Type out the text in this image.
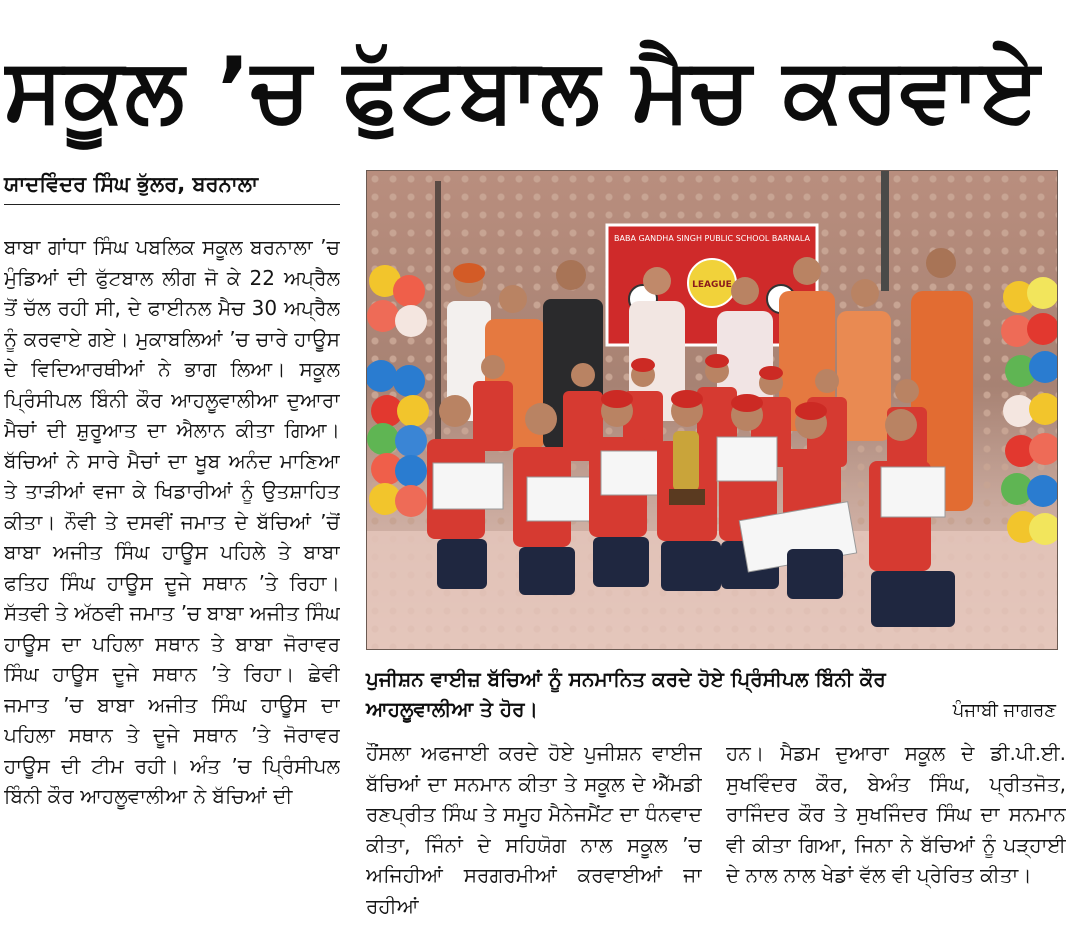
ਸਕੂਲ ’ਚ ਫੁੱਟਬਾਲ ਮੈਚ ਕਰਵਾਏ
ਯਾਦਵਿੰਦਰ ਸਿੰਘ ਭੁੱਲਰ, ਬਰਨਾਲਾ
ਬਾਬਾ ਗਾਂਧਾ ਸਿੰਘ ਪਬਲਿਕ ਸਕੂਲ ਬਰਨਾਲਾ ’ਚ ਮੁੰਡਿਆਂ ਦੀ ਫੁੱਟਬਾਲ ਲੀਗ ਜੋ ਕੇ 22 ਅਪ੍ਰੈਲ ਤੋਂ ਚੱਲ ਰਹੀ ਸੀ, ਦੇ ਫਾਈਨਲ ਮੈਚ 30 ਅਪ੍ਰੈਲ ਨੂੰ ਕਰਵਾਏ ਗਏ। ਮੁਕਾਬਲਿਆਂ ’ਚ ਚਾਰੇ ਹਾਊਸ ਦੇ ਵਿਦਿਆਰਥੀਆਂ ਨੇ ਭਾਗ ਲਿਆ। ਸਕੂਲ ਪ੍ਰਿੰਸੀਪਲ ਬਿੰਨੀ ਕੌਰ ਆਹਲੂਵਾਲੀਆ ਦੁਆਰਾ ਮੈਚਾਂ ਦੀ ਸ਼ੁਰੂਆਤ ਦਾ ਐਲਾਨ ਕੀਤਾ ਗਿਆ। ਬੱਚਿਆਂ ਨੇ ਸਾਰੇ ਮੈਚਾਂ ਦਾ ਖੂਬ ਅਨੰਦ ਮਾਣਿਆ ਤੇ ਤਾੜੀਆਂ ਵਜਾ ਕੇ ਖਿਡਾਰੀਆਂ ਨੂੰ ਉਤਸ਼ਾਹਿਤ ਕੀਤਾ। ਨੌਵੀ ਤੇ ਦਸਵੀਂ ਜਮਾਤ ਦੇ ਬੱਚਿਆਂ ’ਚੋਂ ਬਾਬਾ ਅਜੀਤ ਸਿੰਘ ਹਾਊਸ ਪਹਿਲੇ ਤੇ ਬਾਬਾ ਫਤਿਹ ਸਿੰਘ ਹਾਊਸ ਦੂਜੇ ਸਥਾਨ ’ਤੇ ਰਿਹਾ। ਸੱਤਵੀ ਤੇ ਅੱਠਵੀ ਜਮਾਤ ’ਚ ਬਾਬਾ ਅਜੀਤ ਸਿੰਘ ਹਾਊਸ ਦਾ ਪਹਿਲਾ ਸਥਾਨ ਤੇ ਬਾਬਾ ਜੋਰਾਵਰ ਸਿੰਘ ਹਾਊਸ ਦੂਜੇ ਸਥਾਨ ’ਤੇ ਰਿਹਾ। ਛੇਵੀ ਜਮਾਤ ’ਚ ਬਾਬਾ ਅਜੀਤ ਸਿੰਘ ਹਾਊਸ ਦਾ ਪਹਿਲਾ ਸਥਾਨ ਤੇ ਦੂਜੇ ਸਥਾਨ ’ਤੇ ਜੋਰਾਵਰ ਹਾਊਸ ਦੀ ਟੀਮ ਰਹੀ। ਅੰਤ ’ਚ ਪ੍ਰਿੰਸੀਪਲ ਬਿੰਨੀ ਕੌਰ ਆਹਲੂਵਾਲੀਆ ਨੇ ਬੱਚਿਆਂ ਦੀ
BABA GANDHA SINGH PUBLIC SCHOOL BARNALA
LEAGUE
ਪੁਜੀਸ਼ਨ ਵਾਈਜ਼ ਬੱਚਿਆਂ ਨੂੰ ਸਨਮਾਨਿਤ ਕਰਦੇ ਹੋਏ ਪ੍ਰਿੰਸੀਪਲ ਬਿੰਨੀ ਕੌਰ
ਆਹਲੂਵਾਲੀਆ ਤੇ ਹੋਰ।	ਪੰਜਾਬੀ ਜਾਗਰਣ
ਹੌਂਸਲਾ ਅਫਜਾਈ ਕਰਦੇ ਹੋਏ ਪੁਜੀਸ਼ਨ ਵਾਈਜ ਬੱਚਿਆਂ ਦਾ ਸਨਮਾਨ ਕੀਤਾ ਤੇ ਸਕੂਲ ਦੇ ਐੱਮਡੀ ਰਣਪ੍ਰੀਤ ਸਿੰਘ ਤੇ ਸਮੂਹ ਮੈਨੇਜਮੈਂਟ ਦਾ ਧੰਨਵਾਦ ਕੀਤਾ, ਜਿੰਨਾਂ ਦੇ ਸਹਿਯੋਗ ਨਾਲ ਸਕੂਲ ’ਚ ਅਜਿਹੀਆਂ ਸਰਗਰਮੀਆਂ ਕਰਵਾਈਆਂ ਜਾ ਰਹੀਆਂ
ਹਨ। ਮੈਡਮ ਦੁਆਰਾ ਸਕੂਲ ਦੇ ਡੀ.ਪੀ.ਈ. ਸੁਖਵਿੰਦਰ ਕੌਰ, ਬੇਅੰਤ ਸਿੰਘ, ਪ੍ਰੀਤਜੋਤ, ਰਾਜਿੰਦਰ ਕੌਰ ਤੇ ਸੁਖਜਿੰਦਰ ਸਿੰਘ ਦਾ ਸਨਮਾਨ ਵੀ ਕੀਤਾ ਗਿਆ, ਜਿਨਾ ਨੇ ਬੱਚਿਆਂ ਨੂੰ ਪੜ੍ਹਾਈ ਦੇ ਨਾਲ ਨਾਲ ਖੇਡਾਂ ਵੱਲ ਵੀ ਪ੍ਰੇਰਿਤ ਕੀਤਾ।
